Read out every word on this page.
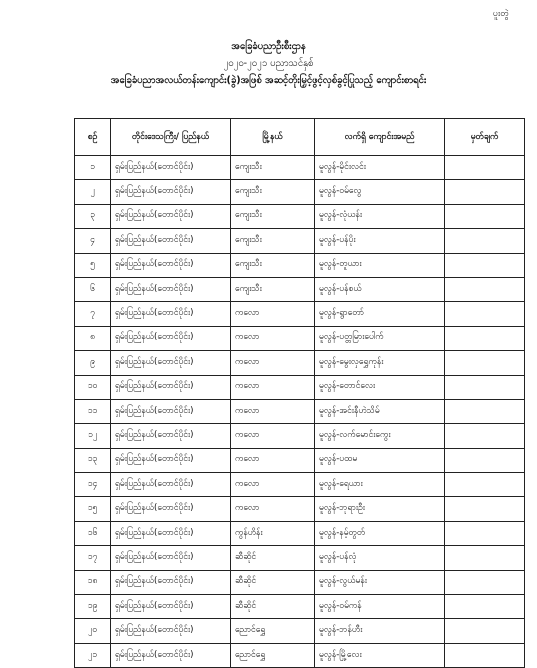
ပူးတွဲ
အခြေခံပညာဦးစီးဌာန
၂၀၂၀-၂၀၂၁ ပညာသင်နှစ်
အခြေခံပညာအလယ်တန်းကျောင်း(ခွဲ)အဖြစ် အဆင့်တိုးမြှင့်ဖွင့်လှစ်ခွင့်ပြုသည့် ကျောင်းစာရင်း
စဉ်	တိုင်းဒေသကြီး/ ပြည်နယ်	မြို့နယ်	လက်ရှိ ကျောင်းအမည်	မှတ်ချက်
၁	ရှမ်းပြည်နယ်(တောင်ပိုင်း)	ကျေးသီး	မူလွန်-မိုင်းလင်း	
၂	ရှမ်းပြည်နယ်(တောင်ပိုင်း)	ကျေးသီး	မူလွန်-ဝမ်လွေ	
၃	ရှမ်းပြည်နယ်(တောင်ပိုင်း)	ကျေးသီး	မူလွန်-လုံယန်း	
၄	ရှမ်းပြည်နယ်(တောင်ပိုင်း)	ကျေးသီး	မူလွန်-ပန်ပိုး	
၅	ရှမ်းပြည်နယ်(တောင်ပိုင်း)	ကျေးသီး	မူလွန်-တူယား	
၆	ရှမ်းပြည်နယ်(တောင်ပိုင်း)	ကျေးသီး	မူလွန်-ပန်စယ်	
၇	ရှမ်းပြည်နယ်(တောင်ပိုင်း)	ကလော	မူလွန်-ရွာတော်	
၈	ရှမ်းပြည်နယ်(တောင်ပိုင်း)	ကလော	မူလွန်-ပတ္တမြားပေါက်	
၉	ရှမ်းပြည်နယ်(တောင်ပိုင်း)	ကလော	မူလွန်-မွေးလှရွှေကုန်း	
၁၀	ရှမ်းပြည်နယ်(တောင်ပိုင်း)	ကလော	မူလွန်-တောင်လေး	
၁၁	ရှမ်းပြည်နယ်(တောင်ပိုင်း)	ကလော	မူလွန်-အင်းနီဟဲသိမ်	
၁၂	ရှမ်းပြည်နယ်(တောင်ပိုင်း)	ကလော	မူလွန်-လက်မောင်းကွေး	
၁၃	ရှမ်းပြည်နယ်(တောင်ပိုင်း)	ကလော	မူလွန်-ပထမ	
၁၄	ရှမ်းပြည်နယ်(တောင်ပိုင်း)	ကလော	မူလွန်-ရေယား	
၁၅	ရှမ်းပြည်နယ်(တောင်ပိုင်း)	ကလော	မူလွန်-ဘုရားဦး	
၁၆	ရှမ်းပြည်နယ်(တောင်ပိုင်း)	ကွန်ဟိန်း	မူလွန်-နမ့်တွတ်	
၁၇	ရှမ်းပြည်နယ်(တောင်ပိုင်း)	ဆီဆိုင်	မူလွန်-ပန်လုံ	
၁၈	ရှမ်းပြည်နယ်(တောင်ပိုင်း)	ဆီဆိုင်	မူလွန်-လွယ်မန်း	
၁၉	ရှမ်းပြည်နယ်(တောင်ပိုင်း)	ဆီဆိုင်	မူလွန်-ဝမ်ကန်	
၂၀	ရှမ်းပြည်နယ်(တောင်ပိုင်း)	ညောင်ရွှေ	မူလွန်-ဘန်ဟီး	
၂၁	ရှမ်းပြည်နယ်(တောင်ပိုင်း)	ညောင်ရွှေ	မူလွန်-မြို့လေး	
